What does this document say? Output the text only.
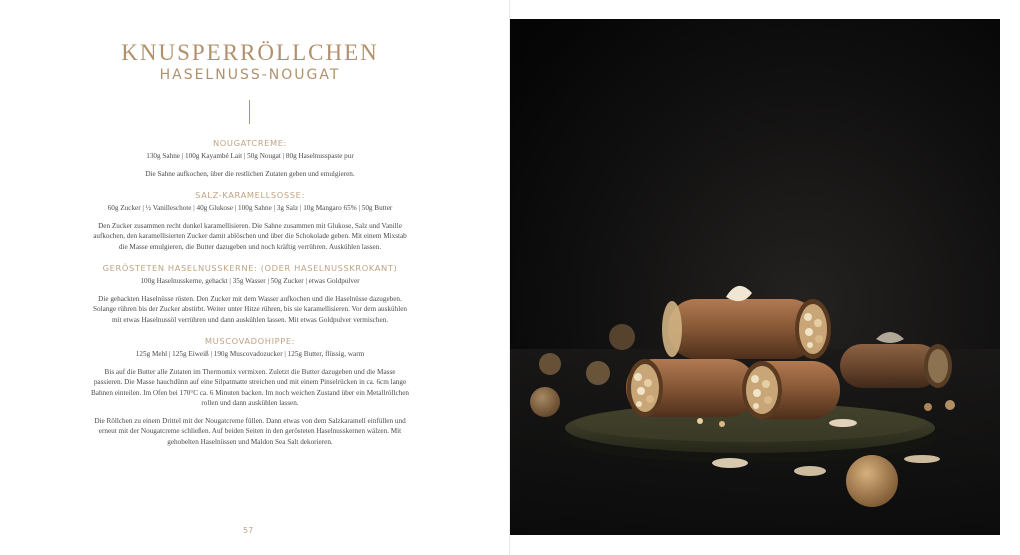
KNUSPERRÖLLCHEN
HASELNUSS-NOUGAT
NOUGATCREME:
130g Sahne | 100g Kayambé Lait | 50g Nougat | 80g Haselnusspaste pur
Die Sahne aufkochen, über die restlichen Zutaten geben und emulgieren.
SALZ-KARAMELLSOSSE:
60g Zucker | ½ Vanilleschote | 40g Glukose | 100g Sahne | 3g Salz | 10g Mangaro 65% | 50g Butter
Den Zucker zusammen recht dunkel karamellisieren. Die Sahne zusammen mit Glukose, Salz und Vanille aufkochen, den karamellisierten Zucker damit ablöschen und über die Schokolade geben. Mit einem Mixstab die Masse emulgieren, die Butter dazugeben und noch kräftig verrühren. Auskühlen lassen.
GERÖSTETEN HASELNUSSKERNE: (ODER HASELNUSSKROKANT)
100g Haselnusskerne, gehackt | 35g Wasser | 50g Zucker | etwas Goldpulver
Die gehackten Haselnüsse rösten. Den Zucker mit dem Wasser aufkochen und die Haselnüsse dazugeben. Solange rühren bis der Zucker abstirbt. Weiter unter Hitze rühren, bis sie karamellisieren. Vor dem auskühlen mit etwas Haselnussöl verrühren und dann auskühlen lassen. Mit etwas Goldpulver vermischen.
MUSCOVADOHIPPE:
125g Mehl | 125g Eiweiß | 190g Muscovadozucker | 125g Butter, flüssig, warm
Bis auf die Butter alle Zutaten im Thermomix vermixen. Zuletzt die Butter dazugeben und die Masse passieren. Die Masse hauchdünn auf eine Silpatmatte streichen und mit einem Pinselrücken in ca. 6cm lange Bahnen einteilen. Im Ofen bei 170°C ca. 6 Minuten backen. Im noch weichen Zustand über ein Metallröllchen rollen und dann auskühlen lassen.
Die Röllchen zu einem Drittel mit der Nougatcreme füllen. Dann etwas von dem Salzkaramell einfüllen und erneut mit der Nougatcreme schließen. Auf beiden Seiten in den gerösteten Haselnusskernen wälzen. Mit gehobelten Haselnüssen und Maldon Sea Salt dekorieren.
57
